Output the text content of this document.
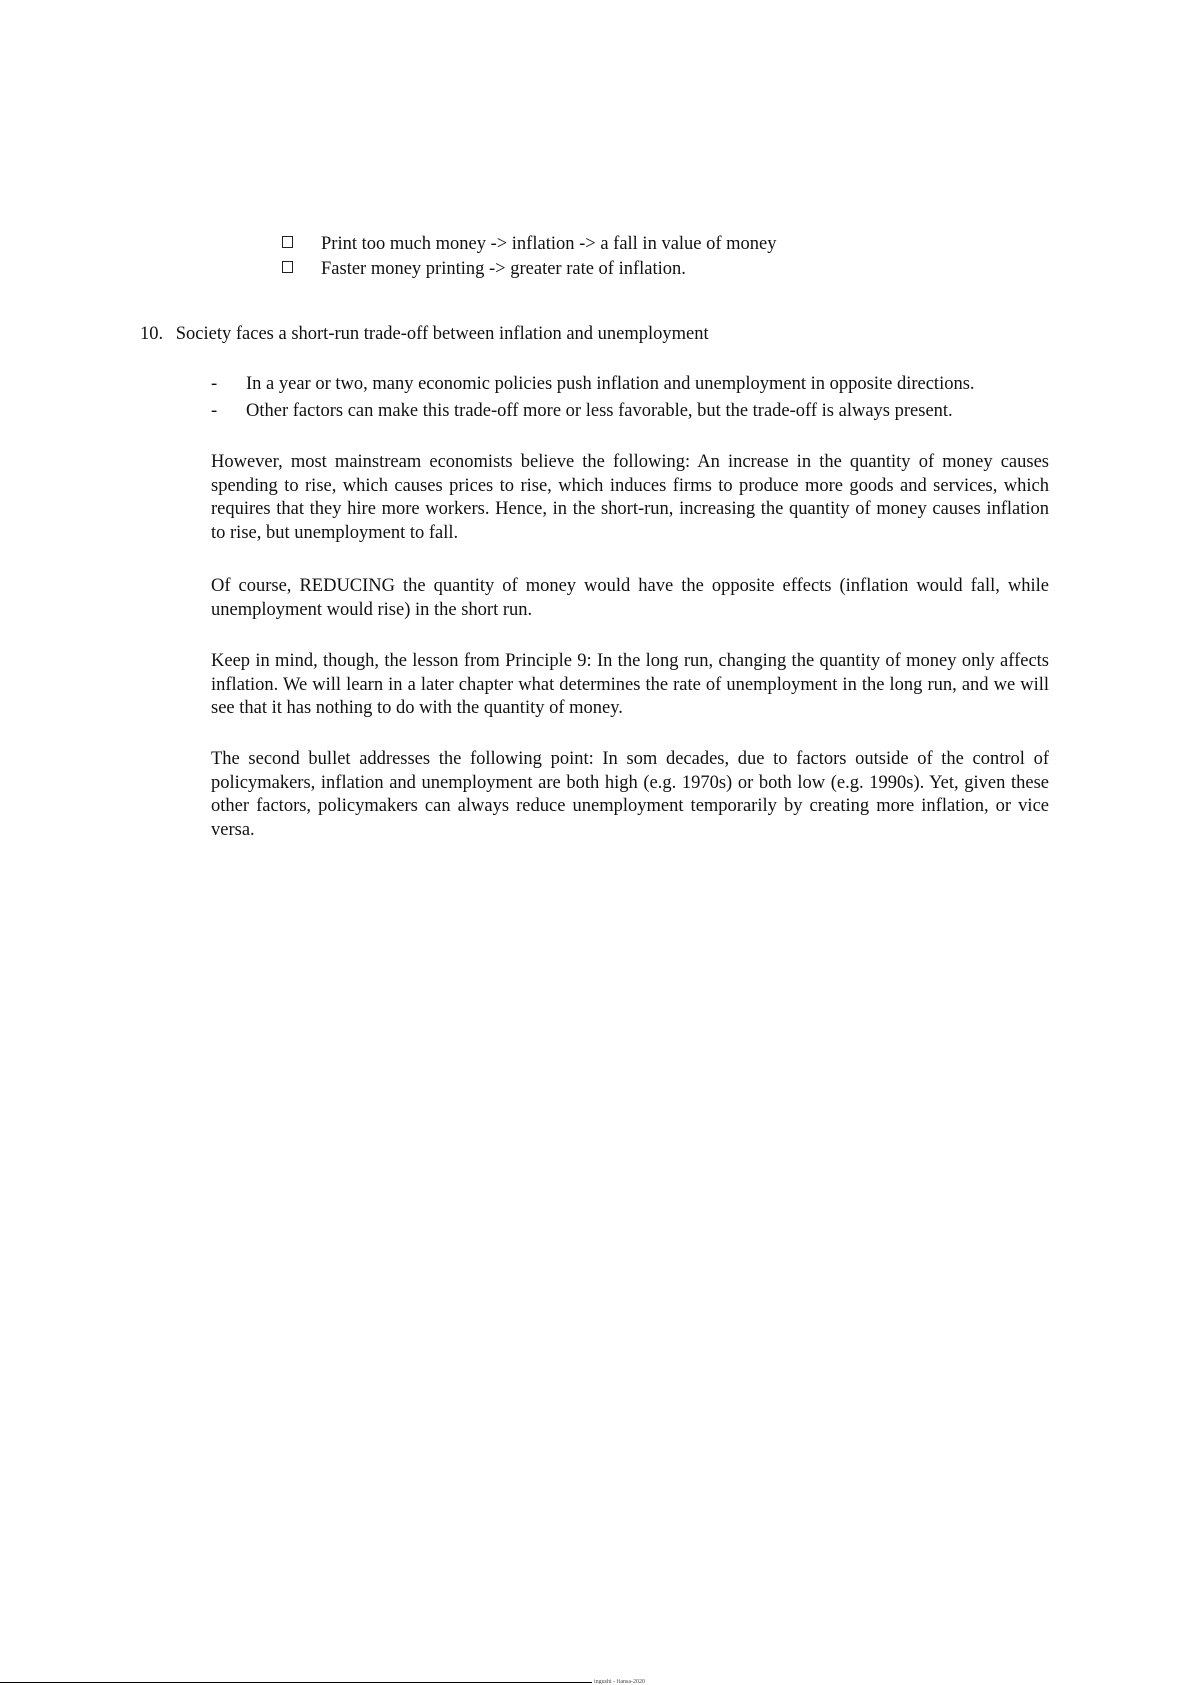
Print too much money -> inflation -> a fall in value of money
Faster money printing -> greater rate of inflation.
10. Society faces a short-run trade-off between inflation and unemployment
- In a year or two, many economic policies push inflation and unemployment in opposite directions.
- Other factors can make this trade-off more or less favorable, but the trade-off is always present.

However, most mainstream economists believe the following: An increase in the quantity of money causes spending to rise, which causes prices to rise, which induces firms to produce more goods and services, which requires that they hire more workers. Hence, in the short-run, increasing the quantity of money causes inflation to rise, but unemployment to fall.

Of course, REDUCING the quantity of money would have the opposite effects (inflation would fall, while unemployment would rise) in the short run.

Keep in mind, though, the lesson from Principle 9: In the long run, changing the quantity of money only affects inflation. We will learn in a later chapter what determines the rate of unemployment in the long run, and we will see that it has nothing to do with the quantity of money.

The second bullet addresses the following point: In som decades, due to factors outside of the control of policymakers, inflation and unemployment are both high (e.g. 1970s) or both low (e.g. 1990s). Yet, given these other factors, policymakers can always reduce unemployment temporarily by creating more inflation, or vice versa.

ingushi - fiansa-2020
